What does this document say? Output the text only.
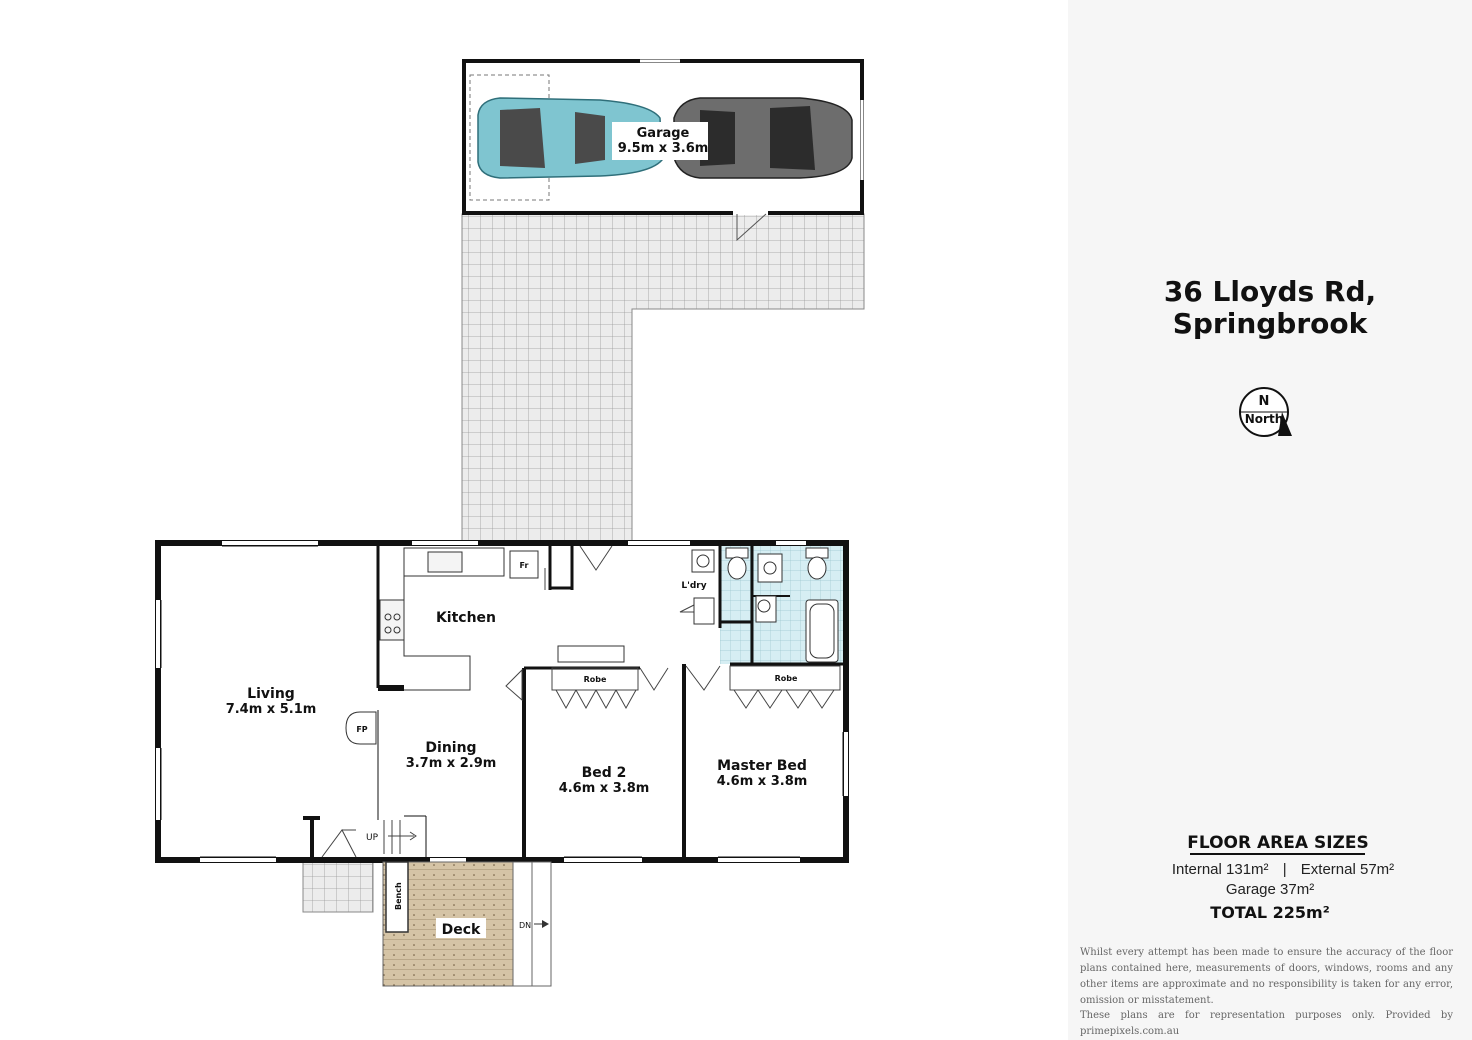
Garage
9.5m x 3.6m
Fr
Kitchen
Robe	Robe
L'dry
FP
UP
Living
7.4m x 5.1m
Dining
3.7m x 2.9m
Bed 2
4.6m x 3.8m
Master Bed
4.6m x 3.8m
Bench
Deck	DN
36 Lloyds Rd,
Springbrook
N
North
FLOOR AREA SIZES
Internal 131m² | External 57m²
Garage 37m²
TOTAL 225m²
Whilst every attempt has been made to ensure the accuracy of the floor plans contained here, measurements of doors, windows, rooms and any other items are approximate and no responsibility is taken for any error, omission or misstatement.
These plans are for representation purposes only. Provided by primepixels.com.au
